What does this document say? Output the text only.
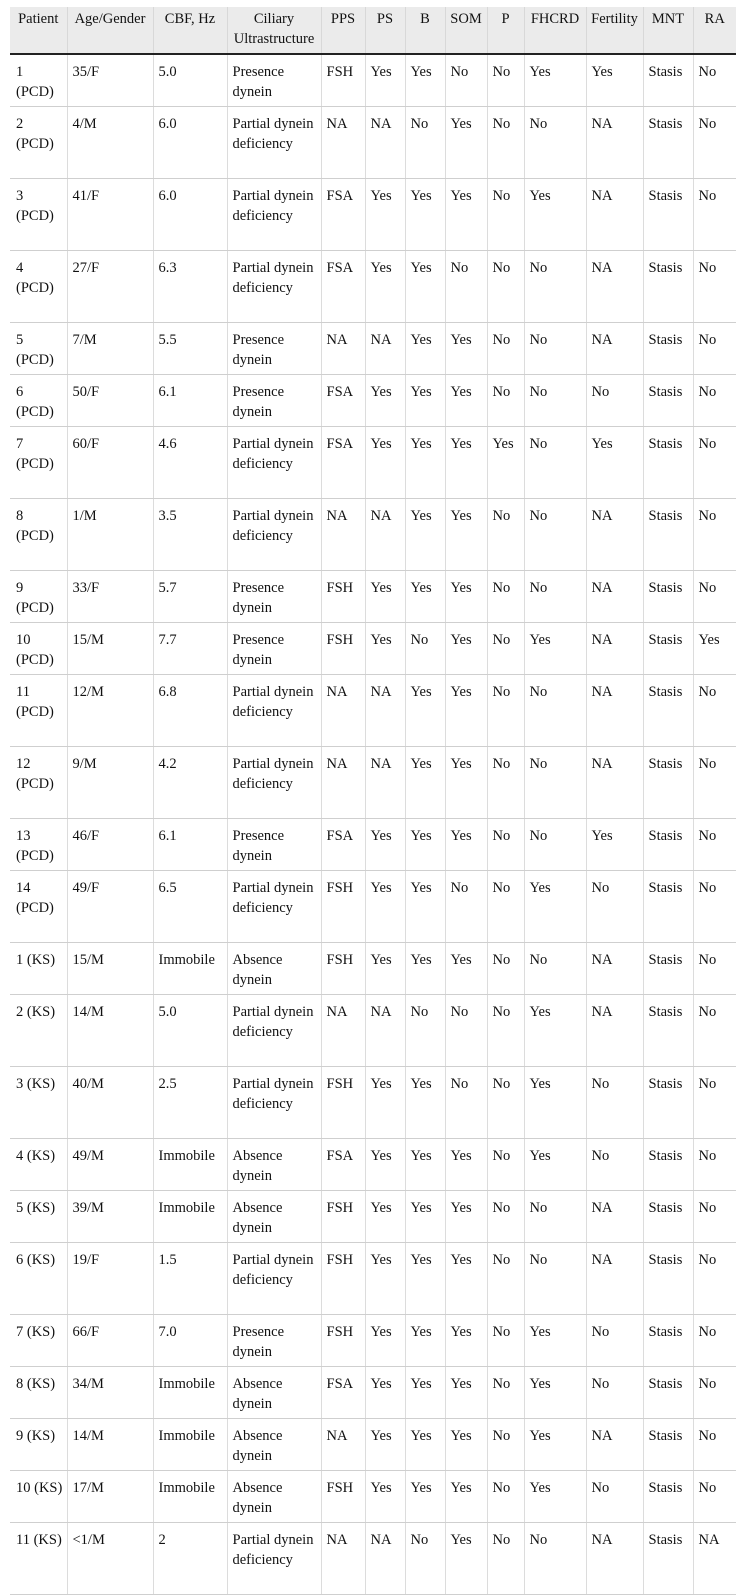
Patient	Age/Gender	CBF, Hz	Ciliary Ultrastructure	PPS	PS	B	SOM	P	FHCRD	Fertility	MNT	RA
1 (PCD)	35/F	5.0	Presence dynein	FSH	Yes	Yes	No	No	Yes	Yes	Stasis	No
2 (PCD)	4/M	6.0	Partial dynein deficiency	NA	NA	No	Yes	No	No	NA	Stasis	No
3 (PCD)	41/F	6.0	Partial dynein deficiency	FSA	Yes	Yes	Yes	No	Yes	NA	Stasis	No
4 (PCD)	27/F	6.3	Partial dynein deficiency	FSA	Yes	Yes	No	No	No	NA	Stasis	No
5 (PCD)	7/M	5.5	Presence dynein	NA	NA	Yes	Yes	No	No	NA	Stasis	No
6 (PCD)	50/F	6.1	Presence dynein	FSA	Yes	Yes	Yes	No	No	No	Stasis	No
7 (PCD)	60/F	4.6	Partial dynein deficiency	FSA	Yes	Yes	Yes	Yes	No	Yes	Stasis	No
8 (PCD)	1/M	3.5	Partial dynein deficiency	NA	NA	Yes	Yes	No	No	NA	Stasis	No
9 (PCD)	33/F	5.7	Presence dynein	FSH	Yes	Yes	Yes	No	No	NA	Stasis	No
10 (PCD)	15/M	7.7	Presence dynein	FSH	Yes	No	Yes	No	Yes	NA	Stasis	Yes
11 (PCD)	12/M	6.8	Partial dynein deficiency	NA	NA	Yes	Yes	No	No	NA	Stasis	No
12 (PCD)	9/M	4.2	Partial dynein deficiency	NA	NA	Yes	Yes	No	No	NA	Stasis	No
13 (PCD)	46/F	6.1	Presence dynein	FSA	Yes	Yes	Yes	No	No	Yes	Stasis	No
14 (PCD)	49/F	6.5	Partial dynein deficiency	FSH	Yes	Yes	No	No	Yes	No	Stasis	No
1 (KS)	15/M	Immobile	Absence dynein	FSH	Yes	Yes	Yes	No	No	NA	Stasis	No
2 (KS)	14/M	5.0	Partial dynein deficiency	NA	NA	No	No	No	Yes	NA	Stasis	No
3 (KS)	40/M	2.5	Partial dynein deficiency	FSH	Yes	Yes	No	No	Yes	No	Stasis	No
4 (KS)	49/M	Immobile	Absence dynein	FSA	Yes	Yes	Yes	No	Yes	No	Stasis	No
5 (KS)	39/M	Immobile	Absence dynein	FSH	Yes	Yes	Yes	No	No	NA	Stasis	No
6 (KS)	19/F	1.5	Partial dynein deficiency	FSH	Yes	Yes	Yes	No	No	NA	Stasis	No
7 (KS)	66/F	7.0	Presence dynein	FSH	Yes	Yes	Yes	No	Yes	No	Stasis	No
8 (KS)	34/M	Immobile	Absence dynein	FSA	Yes	Yes	Yes	No	Yes	No	Stasis	No
9 (KS)	14/M	Immobile	Absence dynein	NA	Yes	Yes	Yes	No	Yes	NA	Stasis	No
10 (KS)	17/M	Immobile	Absence dynein	FSH	Yes	Yes	Yes	No	Yes	No	Stasis	No
11 (KS)	<1/M	2	Partial dynein deficiency	NA	NA	No	Yes	No	No	NA	Stasis	NA
